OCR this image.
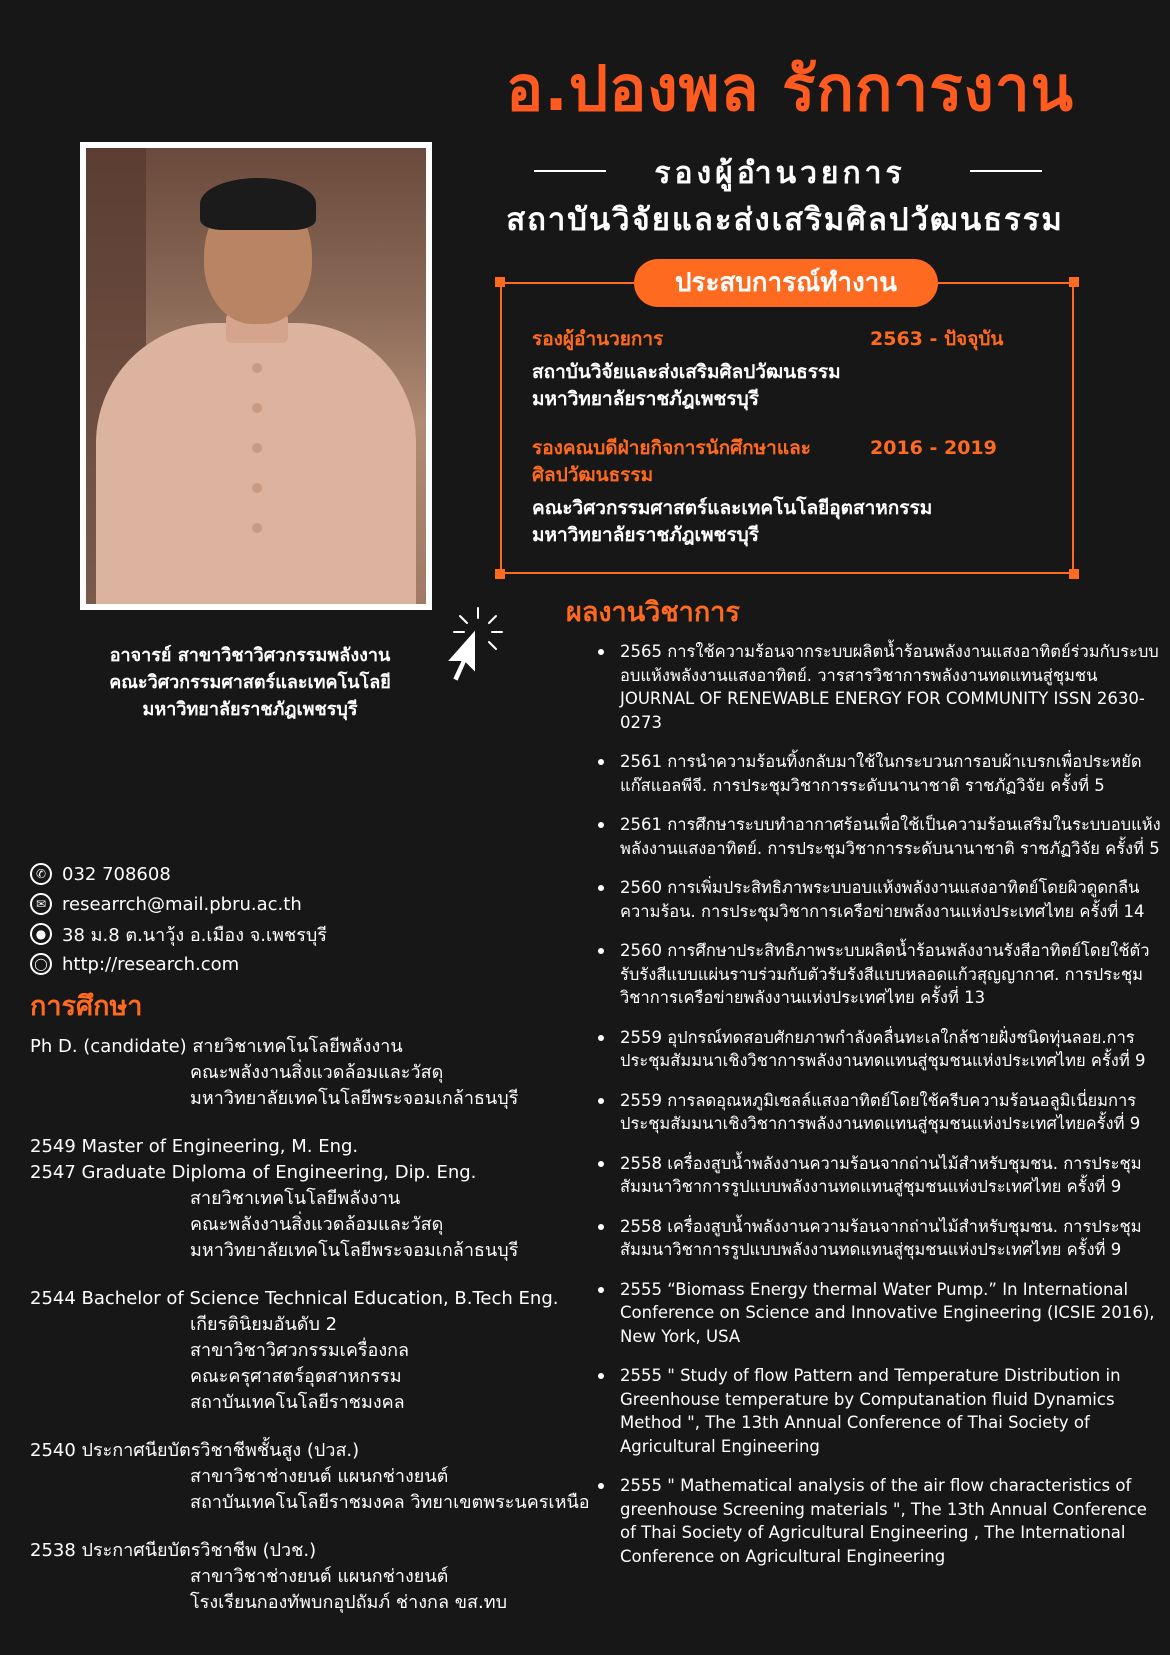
อ.ปองพล รักการงาน
รองผู้อำนวยการ
สถาบันวิจัยและส่งเสริมศิลปวัฒนธรรม
ประสบการณ์ทำงาน
รองผู้อำนวยการ	2563 - ปัจจุบัน
สถาบันวิจัยและส่งเสริมศิลปวัฒนธรรม
มหาวิทยาลัยราชภัฎเพชรบุรี
รองคณบดีฝ่ายกิจการนักศึกษาและ
ศิลปวัฒนธรรม
2016 - 2019
คณะวิศวกรรมศาสตร์และเทคโนโลยีอุตสาหกรรม
มหาวิทยาลัยราชภัฎเพชรบุรี
อาจารย์ สาขาวิชาวิศวกรรมพลังงาน
คณะวิศวกรรมศาสตร์และเทคโนโลยี
มหาวิทยาลัยราชภัฎเพชรบุรี
✆ 032 708608
✉ researrch@mail.pbru.ac.th
● 38 ม.8 ต.นาวุ้ง อ.เมือง จ.เพชรบุรี
◯ http://research.com
การศึกษา
Ph D. (candidate) สายวิชาเทคโนโลยีพลังงาน
คณะพลังงานสิ่งแวดล้อมและวัสดุ
มหาวิทยาลัยเทคโนโลยีพระจอมเกล้าธนบุรี
2549 Master of Engineering, M. Eng.
2547 Graduate Diploma of Engineering, Dip. Eng.
สายวิชาเทคโนโลยีพลังงาน
คณะพลังงานสิ่งแวดล้อมและวัสดุ
มหาวิทยาลัยเทคโนโลยีพระจอมเกล้าธนบุรี
2544 Bachelor of Science Technical Education, B.Tech Eng.
เกียรตินิยมอันดับ 2
สาขาวิชาวิศวกรรมเครื่องกล
คณะครุศาสตร์อุตสาหกรรม
สถาบันเทคโนโลยีราชมงคล
2540 ประกาศนียบัตรวิชาชีพชั้นสูง (ปวส.)
สาขาวิชาช่างยนต์ แผนกช่างยนต์
สถาบันเทคโนโลยีราชมงคล วิทยาเขตพระนครเหนือ
2538 ประกาศนียบัตรวิชาชีพ (ปวช.)
สาขาวิชาช่างยนต์ แผนกช่างยนต์
โรงเรียนกองทัพบกอุปถัมภ์ ช่างกล ขส.ทบ
ผลงานวิชาการ
2565 การใช้ความร้อนจากระบบผลิตน้ำร้อนพลังงานแสงอาทิตย์ร่วมกับระบบอบแห้งพลังงานแสงอาทิตย์. วารสารวิชาการพลังงานทดแทนสู่ชุมชน JOURNAL OF RENEWABLE ENERGY FOR COMMUNITY ISSN 2630-0273
2561 การนำความร้อนทิ้งกลับมาใช้ในกระบวนการอบผ้าเบรกเพื่อประหยัดแก๊สแอลพีจี. การประชุมวิชาการระดับนานาชาติ ราชภัฏวิจัย ครั้งที่ 5
2561 การศึกษาระบบทำอากาศร้อนเพื่อใช้เป็นความร้อนเสริมในระบบอบแห้งพลังงานแสงอาทิตย์. การประชุมวิชาการระดับนานาชาติ ราชภัฏวิจัย ครั้งที่ 5
2560 การเพิ่มประสิทธิภาพระบบอบแห้งพลังงานแสงอาทิตย์โดยผิวดูดกลืนความร้อน. การประชุมวิชาการเครือข่ายพลังงานแห่งประเทศไทย ครั้งที่ 14
2560 การศึกษาประสิทธิภาพระบบผลิตน้ำร้อนพลังงานรังสีอาทิตย์โดยใช้ตัวรับรังสีแบบแผ่นราบร่วมกับตัวรับรังสีแบบหลอดแก้วสุญญากาศ. การประชุมวิชาการเครือข่ายพลังงานแห่งประเทศไทย ครั้งที่ 13
2559 อุปกรณ์ทดสอบศักยภาพกำลังคลื่นทะเลใกล้ชายฝั่งชนิดทุ่นลอย.การประชุมสัมมนาเชิงวิชาการพลังงานทดแทนสู่ชุมชนแห่งประเทศไทย ครั้งที่ 9
2559 การลดอุณหภูมิเซลล์แสงอาทิตย์โดยใช้ครีบความร้อนอลูมิเนี่ยมการประชุมสัมมนาเชิงวิชาการพลังงานทดแทนสู่ชุมชนแห่งประเทศไทยครั้งที่ 9
2558 เครื่องสูบน้ำพลังงานความร้อนจากถ่านไม้สำหรับชุมชน. การประชุมสัมมนาวิชาการรูปแบบพลังงานทดแทนสู่ชุมชนแห่งประเทศไทย ครั้งที่ 9
2558 เครื่องสูบน้ำพลังงานความร้อนจากถ่านไม้สำหรับชุมชน. การประชุมสัมมนาวิชาการรูปแบบพลังงานทดแทนสู่ชุมชนแห่งประเทศไทย ครั้งที่ 9
2555 “Biomass Energy thermal Water Pump.” In International Conference on Science and Innovative Engineering (ICSIE 2016), New York, USA
2555 " Study of flow Pattern and Temperature Distribution in Greenhouse temperature by Computanation fluid Dynamics Method ", The 13th Annual Conference of Thai Society of Agricultural Engineering
2555 " Mathematical analysis of the air flow characteristics of greenhouse Screening materials ", The 13th Annual Conference of Thai Society of Agricultural Engineering , The International Conference on Agricultural Engineering
